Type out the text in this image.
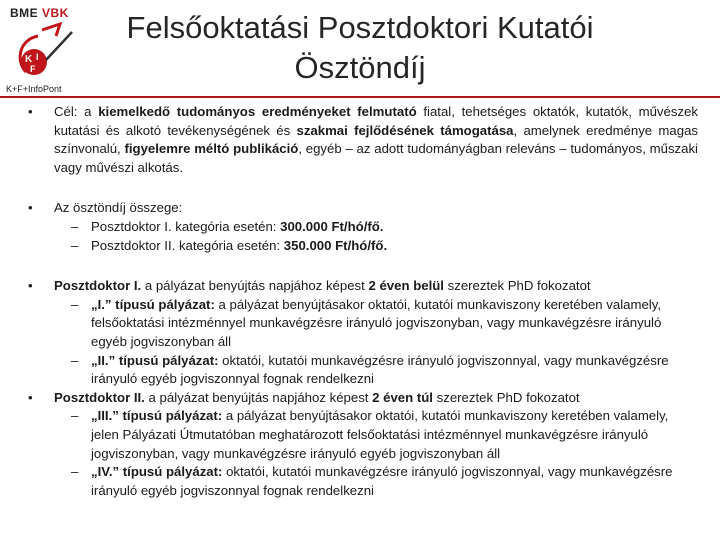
BME VBK
K I
F
K+F+InfoPont
Felsőoktatási Posztdoktori Kutatói
Ösztöndíj
•	Cél: a kiemelkedő tudományos eredményeket felmutató fiatal, tehetséges oktatók, kutatók, művészek kutatási és alkotó tevékenységének és szakmai fejlődésének támogatása, amelynek eredménye magas színvonalú, figyelemre méltó publikáció, egyéb – az adott tudományágban releváns – tudományos, műszaki vagy művészi alkotás.
•	Az ösztöndíj összege:
– Posztdoktor I. kategória esetén: 300.000 Ft/hó/fő.
– Posztdoktor II. kategória esetén: 350.000 Ft/hó/fő.
•	Posztdoktor I. a pályázat benyújtás napjához képest 2 éven belül szereztek PhD fokozatot
– „I.” típusú pályázat: a pályázat benyújtásakor oktatói, kutatói munkaviszony keretében valamely, felsőoktatási intézménnyel munkavégzésre irányuló jogviszonyban, vagy munkavégzésre irányuló egyéb jogviszonyban áll
– „II.” típusú pályázat: oktatói, kutatói munkavégzésre irányuló jogviszonnyal, vagy munkavégzésre irányuló egyéb jogviszonnyal fognak rendelkezni
•	Posztdoktor II. a pályázat benyújtás napjához képest 2 éven túl szereztek PhD fokozatot
– „III.” típusú pályázat: a pályázat benyújtásakor oktatói, kutatói munkaviszony keretében valamely, jelen Pályázati Útmutatóban meghatározott felsőoktatási intézménnyel munkavégzésre irányuló jogviszonyban, vagy munkavégzésre irányuló egyéb jogviszonyban áll
– „IV.” típusú pályázat: oktatói, kutatói munkavégzésre irányuló jogviszonnyal, vagy munkavégzésre irányuló egyéb jogviszonnyal fognak rendelkezni
